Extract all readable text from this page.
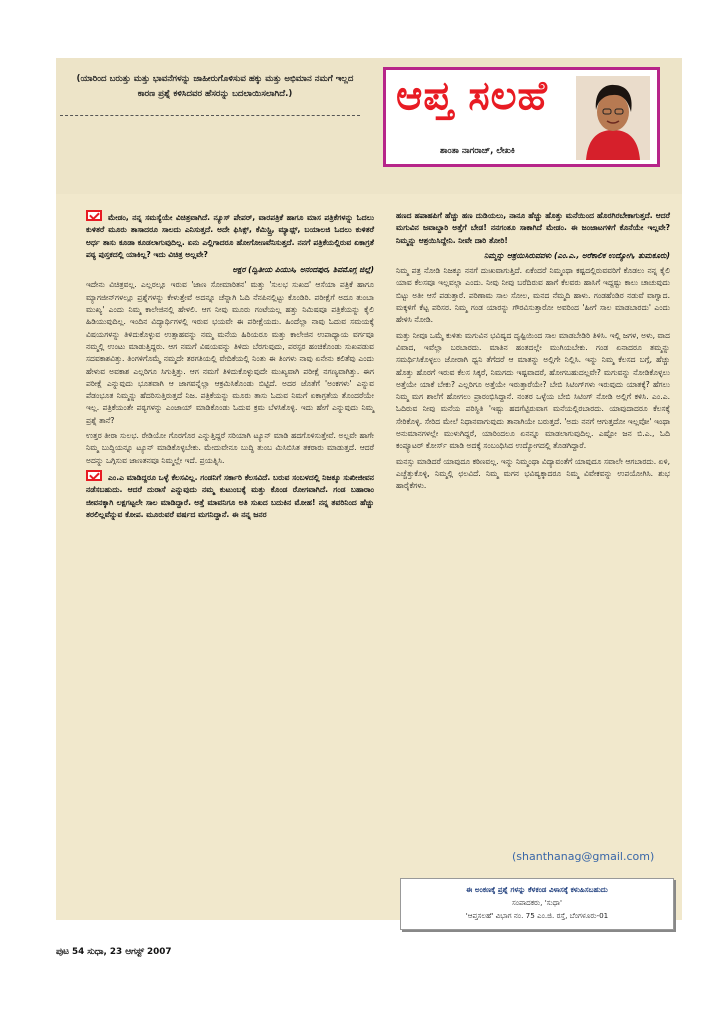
(ಯಾರಿಂದ ಬರುತ್ತು ಮತ್ತು ಭಾವನೆಗಳನ್ನು ಜಾಹೀರುಗೊಳಿಸುವ ಹಕ್ಕು ಮತ್ತು ಅಭಿಮಾನ ನಮಗೆ ಇಲ್ಲದ ಕಾರಣ ಪ್ರಶ್ನೆ ಕಳಿಸಿದವರ ಹೆಸರನ್ನು ಬದಲಾಯಿಸಲಾಗಿದೆ.)	ಆಪ್ತ ಸಲಹೆ
ಶಾಂತಾ ನಾಗರಾಜ್, ಲೇಖಕಿ

ಮೇಡಂ, ನನ್ನ ಸಮಸ್ಯೆಯೇ ವಿಚಿತ್ರವಾಗಿದೆ. ನ್ಯೂಸ್ ಪೇಪರ್, ವಾರಪತ್ರಿಕೆ ಹಾಗೂ ಮಾಸ ಪತ್ರಿಕೆಗಳನ್ನು ಓದಲು ಕುಳಿತರೆ ಮೂರು ತಾಸಾದರೂ ಸಾಲದು ಎನಿಸುತ್ತದೆ. ಅದೇ ಫಿಸಿಕ್ಸ್, ಕೆಮಿಸ್ಟ್ರಿ, ಮ್ಯಾಥ್ಸ್, ಬಯಾಲಜಿ ಓದಲು ಕುಳಿತರೆ ಅರ್ಧ ತಾಸು ಕೂಡಾ ಕೂಡಲಾಗುವುದಿಲ್ಲ. ಏನು ಎಲ್ಲಿಗಾದರೂ ಹೋಗೋಣವೆನಿಸುತ್ತದೆ. ನನಗೆ ಪತ್ರಿಕೆಯಲ್ಲಿರುವ ಏಕಾಗ್ರತೆ ಪಠ್ಯ ಪುಸ್ತಕದಲ್ಲಿ ಯಾಕಿಲ್ಲ? ಇದು ವಿಚಿತ್ರ ಅಲ್ಲವೇ?

ಅಕ್ಷರ (ದ್ವಿತೀಯ ಪಿಯುಸಿ, ಅನಂದಪುರ, ಶಿವಮೊಗ್ಗ ಜಿಲ್ಲೆ)

ಇದೇನು ವಿಚಿತ್ರವಲ್ಲ. ಎಲ್ಲರಲ್ಲೂ ಇರುವ 'ಜಾಣ ಸೋಮಾರಿತನ' ಮತ್ತು 'ಸುಲಭ ಸುಖದ' ಆಸೆಯಾ ಪತ್ರಿಕೆ ಹಾಗೂ ಮ್ಯಾಗಜೀನ್‌ಗಳಲ್ಲೂ ಪ್ರಶ್ನೆಗಳನ್ನು ಕೇಳುತ್ತೇವೆ ಅದನ್ನೂ ಚೆನ್ನಾಗಿ ಓದಿ ನೆನಪಿನಲ್ಲಿಟ್ಟು ಕೊಂಡಿರಿ. ಪರೀಕ್ಷೆಗೆ ಅದೂ ತುಂಬಾ ಮುಖ್ಯ' ಎಂದು ನಿಮ್ಮ ಕಾಲೇಜಿನಲ್ಲಿ ಹೇಳಲಿ. ಆಗ ನೀವು ಮೂರು ಗಂಟೆಯಲ್ಲ ಹತ್ತು ನಿಮಿಷವೂ ಪತ್ರಿಕೆಯನ್ನು ಕೈಲಿ ಹಿಡಿಯುವುದಿಲ್ಲ. ಇಂದಿನ ವಿದ್ಯಾರ್ಥಿಗಳಲ್ಲಿ ಇರುವ ಭಯವೇ ಈ ಪರೀಕ್ಷೆಯದು. ಹಿಂದೆಲ್ಲಾ ನಾವು ಓದುವ ಸಮಯಕ್ಕೆ ವಿಷಯಗಳನ್ನು ತಿಳಿದುಕೊಳ್ಳುವ ಉತ್ಸಾಹವನ್ನು ನಮ್ಮ ಮನೆಯ ಹಿರಿಯರೂ ಮತ್ತು ಕಾಲೇಜಿನ ಉಪಾಧ್ಯಾಯ ವರ್ಗವೂ ನಮ್ಮಲ್ಲಿ ಉಂಟು ಮಾಡುತ್ತಿದ್ದರು. ಆಗ ನಮಗೆ ವಿಷಯವನ್ನು ತಿಳಿದು ಬೆರಗುವುದು, ಪರಸ್ಪರ ಹಂಚಿಕೊಂಡು ಸುಖಪಡುವ ಸದವಕಾಶವಿತ್ತು. ತಿಂಗಳಿಗೊಮ್ಮೆ ನಮ್ಮದೇ ತರಗತಿಯಲ್ಲಿ ವೇದಿಕೆಯಲ್ಲಿ ನಿಂತು ಈ ತಿಂಗಳು ನಾವು ಏನೇನು ಕಲಿತೆವು ಎಂದು ಹೇಳುವ ಅವಕಾಶ ಎಲ್ಲರಿಗೂ ಸಿಗುತ್ತಿತ್ತು. ಆಗ ನಮಗೆ ತಿಳಿದುಕೊಳ್ಳುವುದೇ ಮುಖ್ಯವಾಗಿ ಪರೀಕ್ಷೆ ನಗಣ್ಯವಾಗಿತ್ತು. ಈಗ ಪರೀಕ್ಷೆ ಎನ್ನುವುದು ಭೂತವಾಗಿ ಆ ಜಾಗವನ್ನೆಲ್ಲಾ ಆಕ್ರಮಿಸಿಕೊಂಡು ಬಿಟ್ಟಿದೆ. ಅದರ ಜೊತೆಗೆ 'ಅಂಕಗಳು' ಎನ್ನುವ ಪೆಡಂಭೂತ ನಿಮ್ಮನ್ನು ಹೆದರಿಸುತ್ತಿರುತ್ತದೆ ನಿಜ. ಪತ್ರಿಕೆಯನ್ನು ಮೂರು ತಾಸು ಓದುವ ನಿಮಗೆ ಏಕಾಗ್ರತೆಯ ತೊಂದರೆಯೇ ಇಲ್ಲ. ಪತ್ರಿಕೆಯಂತೇ ಪಠ್ಯಗಳನ್ನು ಎಂಜಾಯ್ ಮಾಡಿಕೊಂಡು ಓದುವ ಕ್ರಮ ಬೆಳಸಿಕೊಳ್ಳಿ. ಇದು ಹೇಗೆ ಎನ್ನುವುದು ನಿಮ್ಮ ಪ್ರಶ್ನೆ ತಾನೆ?

ಉತ್ತರ ತೀರಾ ಸುಲಭ. ರೇಡಿಯೋ ಗೊರಗೊರ ಎನ್ನುತ್ತಿದ್ದರೆ ಸರಿಯಾಗಿ ಟ್ಯೂನ್ ಮಾಡಿ ಹದಗೊಳಿಸುತ್ತೇವೆ. ಅಲ್ಲವೇ ಹಾಗೇ ನಿಮ್ಮ ಬುದ್ಧಿಯನ್ನೂ ಟ್ಯೂನ್ ಮಾಡಿಕೊಳ್ಳಬೇಕು. ಮೇದುವೇನೂ ಬುದ್ಧಿ ತುಂಬ ಮಿಸಿಬಿಸಿತ ತಕರಾರು ಮಾಡುತ್ತದೆ. ಆದರೆ ಅದನ್ನು ಒಗ್ಗಿಸುವ ಜಾಣತನವೂ ನಿಮ್ಮಲ್ಲೇ ಇದೆ. ಪ್ರಯತ್ನಿಸಿ.

ಎಂ.ಎ ಮಾಡಿದ್ದರೂ ಒಳ್ಳೆ ಕೆಲಸವಿಲ್ಲ. ಗಂಡನಿಗೆ ಸರ್ಕಾರಿ ಕೆಲಸವಿದೆ. ಬರುವ ಸಂಬಳದಲ್ಲಿ ನಿಜಕ್ಕೂ ಸುಖೀಜೀವನ ನಡೆಸಬಹುದು. ಆದರೆ ದುರಾಸೆ ಎನ್ನುವುದು ನಮ್ಮ ಕುಟುಂಬಕ್ಕೆ ಮತ್ತು ಕೊಂಡ ರೋಗವಾಗಿದೆ. ಗಂಡ ಬಹಾರಾಂ ಜೀವನಕ್ಕಾಗಿ ಲಕ್ಷಗಟ್ಟಲೇ ಸಾಲ ಮಾಡಿದ್ದಾರೆ. ಅತ್ತೆ ಮಾವನಿಗೂ ಅತಿ ಸುಖದ ಬದುಕಿನ ಮೋಹ! ನನ್ನ ತವರಿನಿಂದ ಹೆಚ್ಚು ತರಲಿಲ್ಲವೆನ್ನುವ ಕೋಪ. ಮೂರುವರೆ ವರ್ಷದ ಮಗನಿದ್ದಾನೆ. ಈ ನನ್ನ ಜನರ

ಹಣದ ಹಪಾಹಪಿಗೆ ಹೆಚ್ಚು ಹಣ ದುಡಿಯಲು, ನಾನೂ ಹೆಚ್ಚು ಹೊತ್ತು ಮನೆಯಿಂದ ಹೊರಗಿರಬೇಕಾಗುತ್ತದೆ. ಆದರೆ ಮಗುವಿನ ಜವಾಬ್ದಾರಿ ಅತ್ತೆಗೆ ಬೇಡ! ನನಗಂತೂ ಸಾಕಾಗಿದೆ ಮೇಡಂ. ಈ ಜಂಜಾಟಗಳಿಗೆ ಕೊನೆಯೇ ಇಲ್ಲವೇ? ನಿಮ್ಮನ್ನು ಆಶ್ರಯಿಸಿದ್ದೇನಿ. ನೀವೇ ದಾರಿ ತೋರಿ!

ನಿಮ್ಮನ್ನು ಆಶ್ರಯಿಸಿರುವವಳು (ಎಂ.ಎ., ಅರೆಕಾಲಿಕ ಉದ್ಯೋಗಿ, ತುಮಕೂರು)

ನಿಮ್ಮ ಪತ್ರ ನೋಡಿ ನಿಜಕ್ಕೂ ನನಗೆ ದುಃಖವಾಗುತ್ತಿದೆ. ಏಕೆಂದರೆ ನಿಮ್ಮಂಥಾ ಕಷ್ಟದಲ್ಲಿರುವವರಿಗೆ ಕೊಡಲು ನನ್ನ ಕೈಲಿ ಯಾವ ಕೆಲಸವೂ ಇಲ್ಲವಲ್ಲಾ ಎಂದು. ನೀವು ನೀವು ಬರೆದಿರುವ ಹಾಗೆ ಕೆಲವರು ಹಾಸಿಗೆ ಇದ್ದಷ್ಟು ಕಾಲು ಚಾಚುವುದು ಬಿಟ್ಟು ಅತೀ ಆಸೆ ಪಡುತ್ತಾರೆ. ಪರಿಣಾಮ ಸಾಲ ಸೋಲ, ಮನದ ನೆಮ್ಮದಿ ಹಾಳು. ಗಂಡಹೆಂಡಿರ ನಡುವೆ ವಾಗ್ವಾದ. ಮಕ್ಕಳಿಗೆ ಕೆಟ್ಟ ಪರಿಸರ. ನಿಮ್ಮ ಗಂಡ ಯಾರನ್ನು ಗೌರವಿಸುತ್ತಾರೋ ಅವರಿಂದ 'ಹೀಗೆ ಸಾಲ ಮಾಡಬಾರದು' ಎಂದು ಹೇಳಿಸಿ ನೋಡಿ.

ಮತ್ತು ನೀವೂ ಒಮ್ಮೆ ಕುಳಿತು ಮಗುವಿನ ಭವಿಷ್ಯದ ದೃಷ್ಟಿಯಿಂದ ಸಾಲ ಮಾಡಬೇಡಿರಿ ತಿಳಿಸಿ. ಇಲ್ಲಿ ಜಗಳ, ಅಳು, ವಾದ ವಿವಾದ, ಇವೆಲ್ಲಾ ಬರಬಾರದು. ಮಾತಿನ ಹಂತದಲ್ಲೇ ಮುಗಿಯಬೇಕು. ಗಂಡ ಏನಾದರೂ ತಮ್ಮನ್ನು ಸಮರ್ಥಿಸಿಕೊಳ್ಳಲು ಜೋರಾಗಿ ಧ್ವನಿ ತೆಗೆದರೆ ಆ ಮಾತನ್ನು ಅಲ್ಲಿಗೇ ನಿಲ್ಲಿಸಿ. ಇನ್ನು ನಿಮ್ಮ ಕೆಲಸದ ಬಗ್ಗೆ, ಹೆಚ್ಚು ಹೊತ್ತು ಹೊರಗೆ ಇರುವ ಕೆಲಸ ಸಿಕ್ಕರೆ, ನಿಮಗದು ಇಷ್ಟವಾದರೆ, ಹೋಗಬಹುದಲ್ಲವೇ? ಮಗುವನ್ನು ನೋಡಿಕೊಳ್ಳಲು ಅತ್ತೆಯೇ ಯಾಕೆ ಬೇಕು? ಎಲ್ಲರಿಗೂ ಅತ್ತೆಯೇ ಇರುತ್ತಾರೆಯೇ? ಬೇಬಿ ಸಿಟಿಂಗ್‌ಗಳು ಇರುವುದು ಯಾತಕ್ಕೆ? ಹೆಗಲು ನಿಮ್ಮ ಮಗ ಶಾಲೆಗೆ ಹೋಗಲು ಪ್ರಾರಂಭಿಸಿದ್ದಾನೆ. ನಂತರ ಒಳ್ಳೆಯ ಬೇಬಿ ಸಿಟಿಂಗ್ ನೋಡಿ ಅಲ್ಲಿಗೆ ಕಳಿಸಿ. ಎಂ.ಎ. ಓದಿರುವ ನೀವು ಮನೆಯ ಪರಿಸ್ಥಿತಿ 'ಇಷ್ಟು ಹದಗೆಟ್ಟಿರುವಾಗ ಮನೆಯಲ್ಲಿರಬಾರದು. ಯಾವುದಾದರೂ ಕೆಲಸಕ್ಕೆ ಸೇರಿಕೊಳ್ಳಿ. ಸೇರಿದ ಮೇಲೆ ನಿಧಾನವಾಗುವುದು ತಾನಾಗಿಯೇ ಬರುತ್ತದೆ. 'ಅದು ನನಗೆ ಆಗುತ್ತದೋ ಇಲ್ಲವೋ' ಇಂಥಾ ಅನುಮಾನಗಳಲ್ಲೇ ಮುಳುಗಿದ್ದರೆ, ಯಾರಿಂದಲೂ ಏನನ್ನೂ ಮಾಡಲಾಗುವುದಿಲ್ಲ. ಎಷ್ಟೋ ಜನ ಬಿ.ಎ., ಓದಿ ಕಂಪ್ಯೂಟರ್ ಕೋರ್ಸ್ ಮಾಡಿ ಅದಕ್ಕೆ ಸಂಬಂಧಿಸಿದ ಉದ್ಯೋಗದಲ್ಲಿ ತೊಡಗಿದ್ದಾರೆ.

ಮನಸ್ಸು ಮಾಡಿದರೆ ಯಾವುದೂ ಕಠಿಣವಲ್ಲ. ಇನ್ನು ನಿಮ್ಮಂಥಾ ವಿದ್ಯಾವಂತೆಗೆ ಯಾವುದೂ ಸವಾಲೇ ಆಗಬಾರದು. ಏಳಿ, ಎಚ್ಚೆತ್ತುಕೊಳ್ಳಿ, ನಿಮ್ಮಲ್ಲಿ ಛಲವಿದೆ. ನಿಮ್ಮ ಮಗನ ಭವಿಷ್ಯಕ್ಕಾದರೂ ನಿಮ್ಮ ವಿವೇಕವನ್ನು ಉಪಯೋಗಿಸಿ. ಶುಭ ಹಾರೈಕೆಗಳು.

(shanthanag@gmail.com)
ಈ ಅಂಕಣಕ್ಕೆ ಪ್ರಶ್ನೆ ಗಳನ್ನು ಕೆಳಕಂಡ ವಿಳಾಸಕ್ಕೆ ಕಳುಹಿಸಬಹುದು
ಸಂಪಾದಕರು, 'ಸುಧಾ'
'ಆಪ್ತಸಲಹೆ' ವಿಭಾಗ ನಂ. 75 ಎಂ.ಜಿ. ರಸ್ತೆ, ಬೆಂಗಳೂರು-01
ಪುಟ 54 ಸುಧಾ, 23 ಆಗಸ್ಟ್ 2007
